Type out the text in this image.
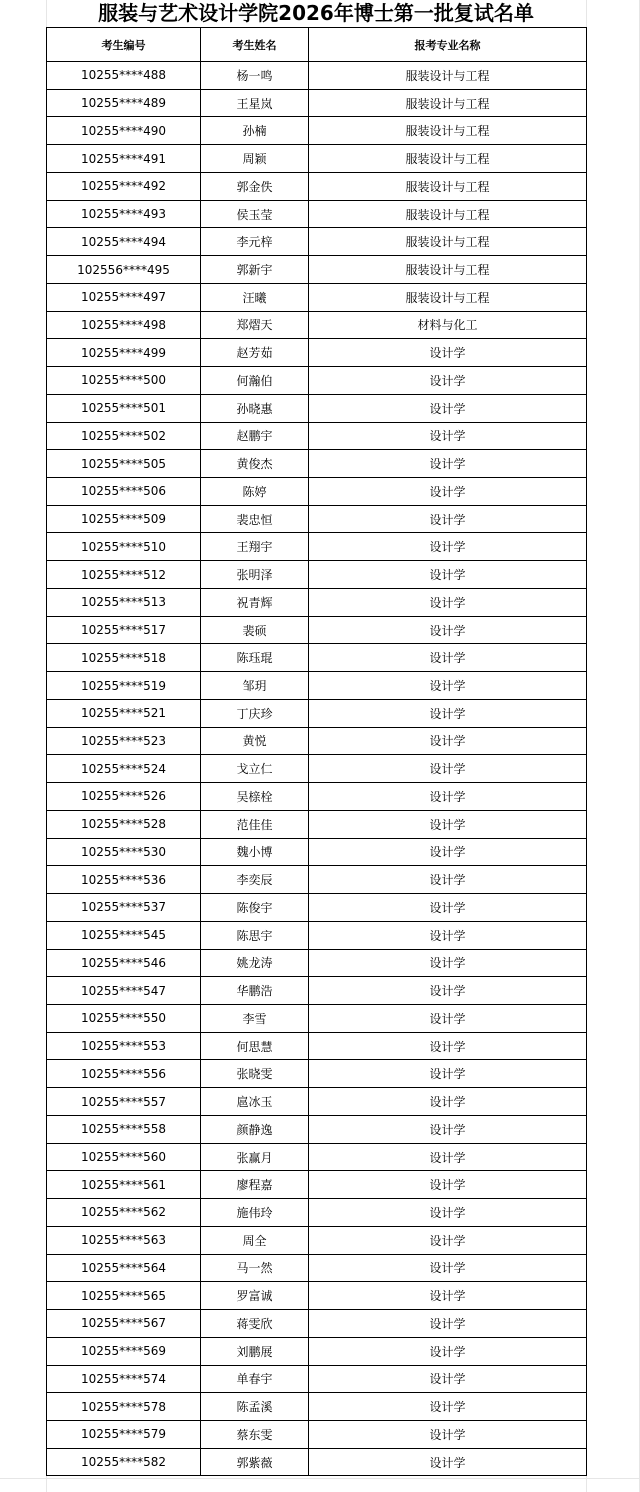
服装与艺术设计学院2026年博士第一批复试名单
考生编号	考生姓名	报考专业名称
10255****488	杨一鸣	服装设计与工程
10255****489	王星岚	服装设计与工程
10255****490	孙楠	服装设计与工程
10255****491	周颖	服装设计与工程
10255****492	郭金佚	服装设计与工程
10255****493	侯玉莹	服装设计与工程
10255****494	李元梓	服装设计与工程
102556****495	郭新宇	服装设计与工程
10255****497	汪曦	服装设计与工程
10255****498	郑熠天	材料与化工
10255****499	赵芳茹	设计学
10255****500	何瀚伯	设计学
10255****501	孙晓惠	设计学
10255****502	赵鹏宇	设计学
10255****505	黄俊杰	设计学
10255****506	陈婷	设计学
10255****509	裴忠恒	设计学
10255****510	王翔宇	设计学
10255****512	张明泽	设计学
10255****513	祝青辉	设计学
10255****517	裴硕	设计学
10255****518	陈珏琨	设计学
10255****519	邹玥	设计学
10255****521	丁庆珍	设计学
10255****523	黄悦	设计学
10255****524	戈立仁	设计学
10255****526	吴榇栓	设计学
10255****528	范佳佳	设计学
10255****530	魏小博	设计学
10255****536	李奕辰	设计学
10255****537	陈俊宇	设计学
10255****545	陈思宇	设计学
10255****546	姚龙涛	设计学
10255****547	华鹏浩	设计学
10255****550	李雪	设计学
10255****553	何思慧	设计学
10255****556	张晓雯	设计学
10255****557	扈冰玉	设计学
10255****558	颜静逸	设计学
10255****560	张赢月	设计学
10255****561	廖程嘉	设计学
10255****562	施伟玲	设计学
10255****563	周全	设计学
10255****564	马一然	设计学
10255****565	罗富诚	设计学
10255****567	蒋雯欣	设计学
10255****569	刘鹏展	设计学
10255****574	单春宇	设计学
10255****578	陈孟溪	设计学
10255****579	蔡东雯	设计学
10255****582	郭紫薇	设计学
